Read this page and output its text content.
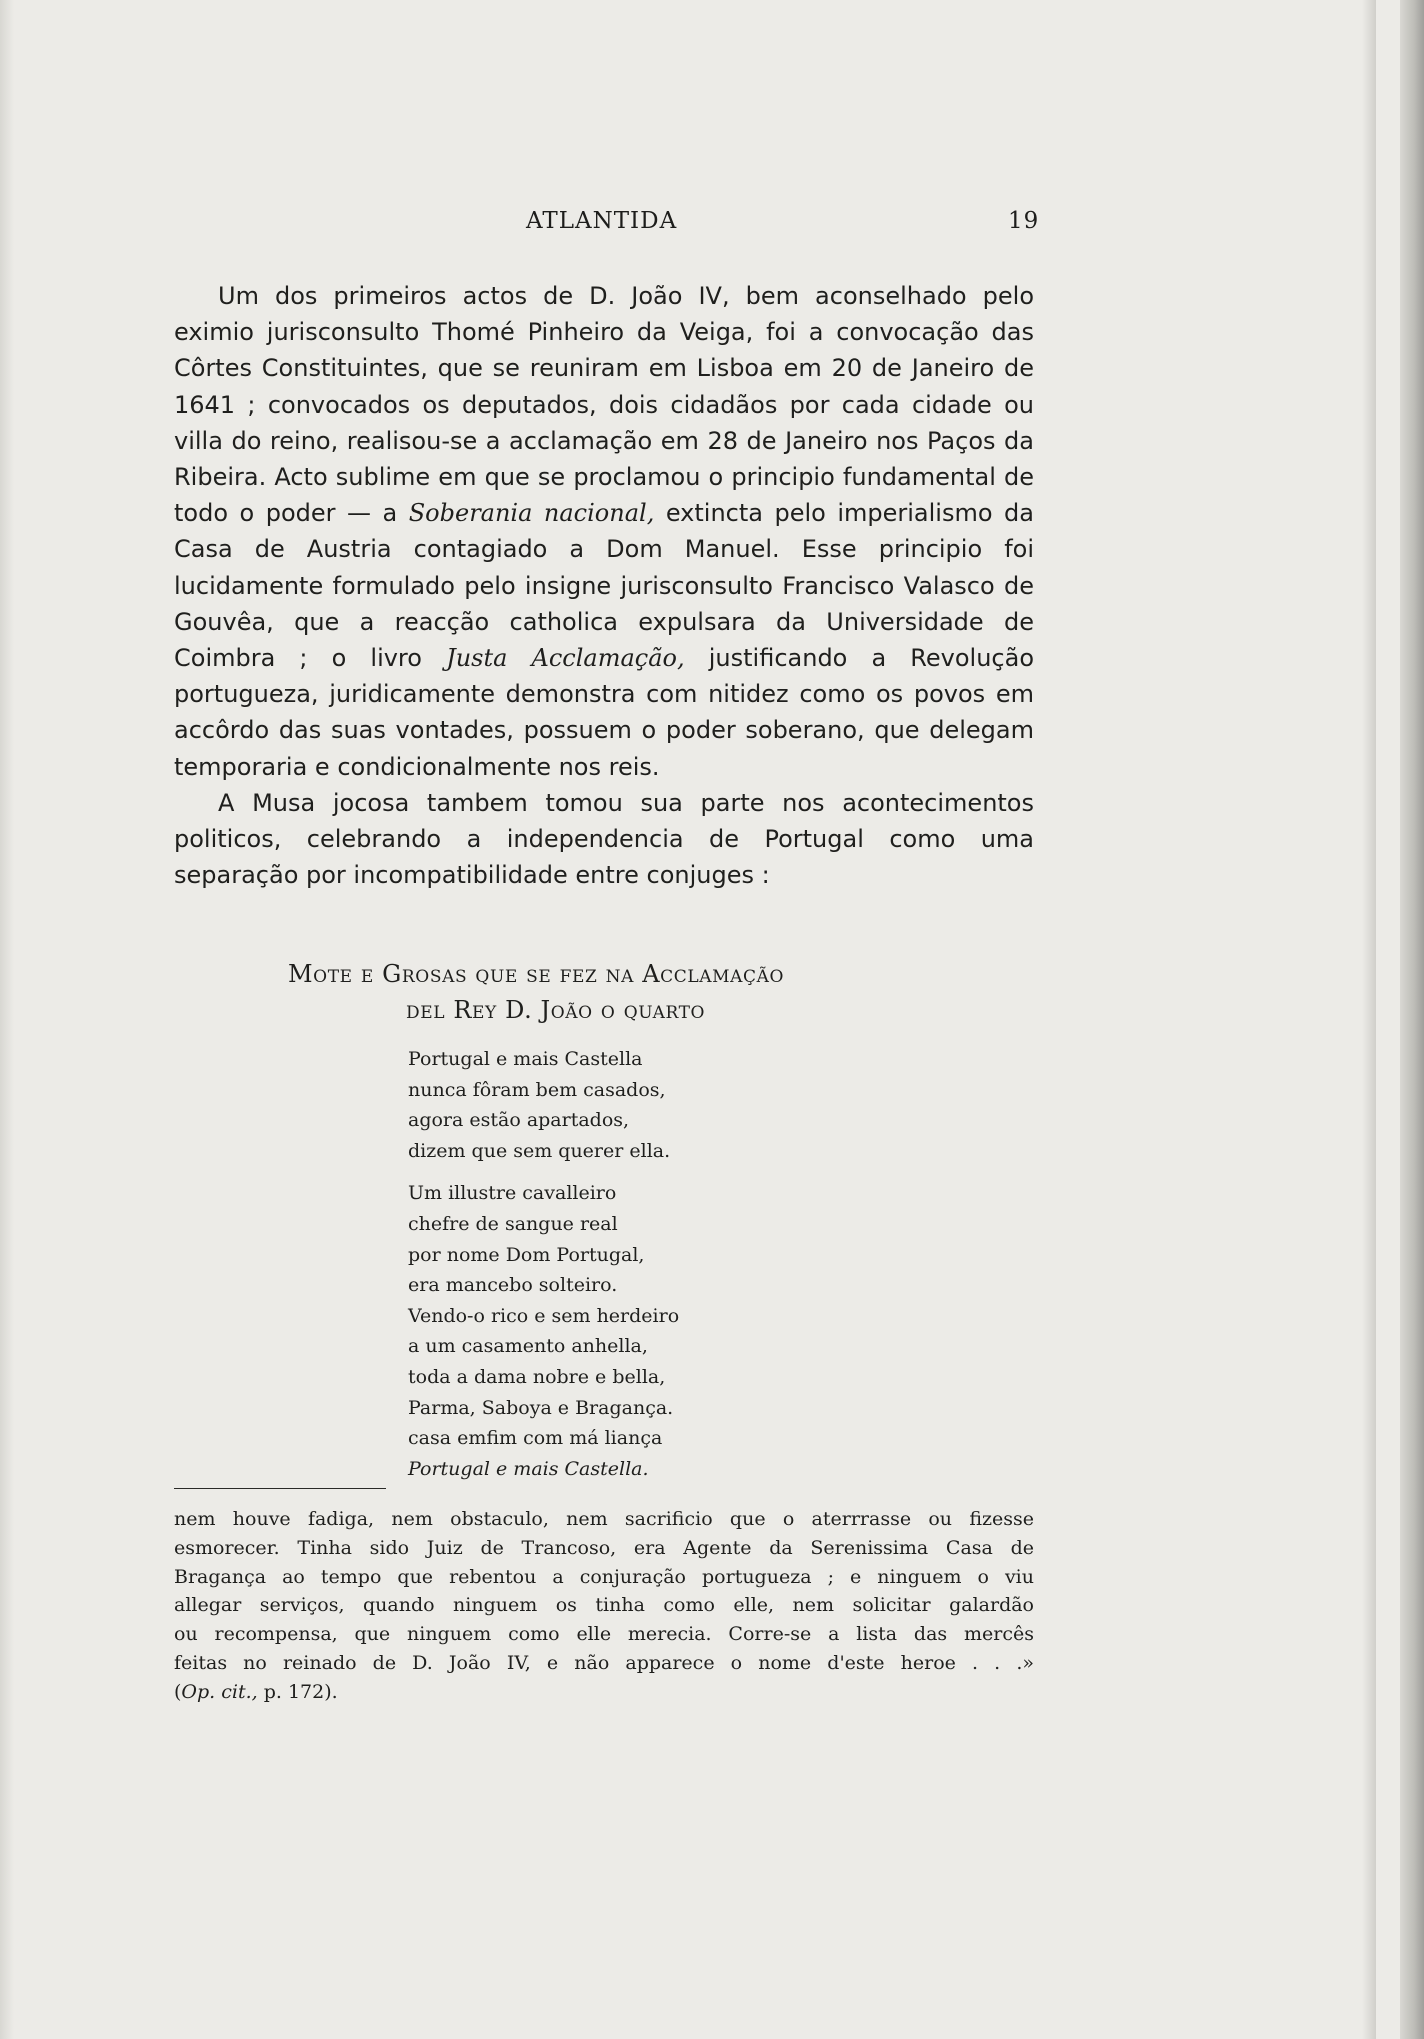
ATLANTIDA	19

Um dos primeiros actos de D. João IV, bem aconselhado pelo eximio jurisconsulto Thomé Pinheiro da Veiga, foi a convocação das Côrtes Constituintes, que se reuniram em Lisboa em 20 de Janeiro de 1641 ; convocados os deputados, dois cidadãos por cada cidade ou villa do reino, realisou-se a acclamação em 28 de Janeiro nos Paços da Ribeira. Acto sublime em que se proclamou o principio fundamental de todo o poder — a Soberania nacional, extincta pelo imperialismo da Casa de Austria contagiado a Dom Manuel. Esse principio foi lucidamente formulado pelo insigne jurisconsulto Francisco Valasco de Gouvêa, que a reacção catholica expulsara da Universidade de Coimbra ; o livro Justa Acclamação, justificando a Revolução portugueza, juridicamente demonstra com nitidez como os povos em accôrdo das suas vontades, possuem o poder soberano, que delegam temporaria e condicionalmente nos reis.

A Musa jocosa tambem tomou sua parte nos acontecimentos politicos, celebrando a independencia de Portugal como uma separação por incompatibilidade entre conjuges :

Mote e Grosas que se fez na Acclamação
del Rey D. João o quarto
Portugal e mais Castella
nunca fôram bem casados,
agora estão apartados,
dizem que sem querer ella.
Um illustre cavalleiro
chefre de sangue real
por nome Dom Portugal,
era mancebo solteiro.
Vendo-o rico e sem herdeiro
a um casamento anhella,
toda a dama nobre e bella,
Parma, Saboya e Bragança.
casa emfim com má liança
Portugal e mais Castella.
nem houve fadiga, nem obstaculo, nem sacrificio que o aterrrasse ou fizesse
esmorecer. Tinha sido Juiz de Trancoso, era Agente da Serenissima Casa de
Bragança ao tempo que rebentou a conjuração portugueza ; e ninguem o viu
allegar serviços, quando ninguem os tinha como elle, nem solicitar galardão
ou recompensa, que ninguem como elle merecia. Corre-se a lista das mercês
feitas no reinado de D. João IV, e não apparece o nome d'este heroe . . .»
(Op. cit., p. 172).
